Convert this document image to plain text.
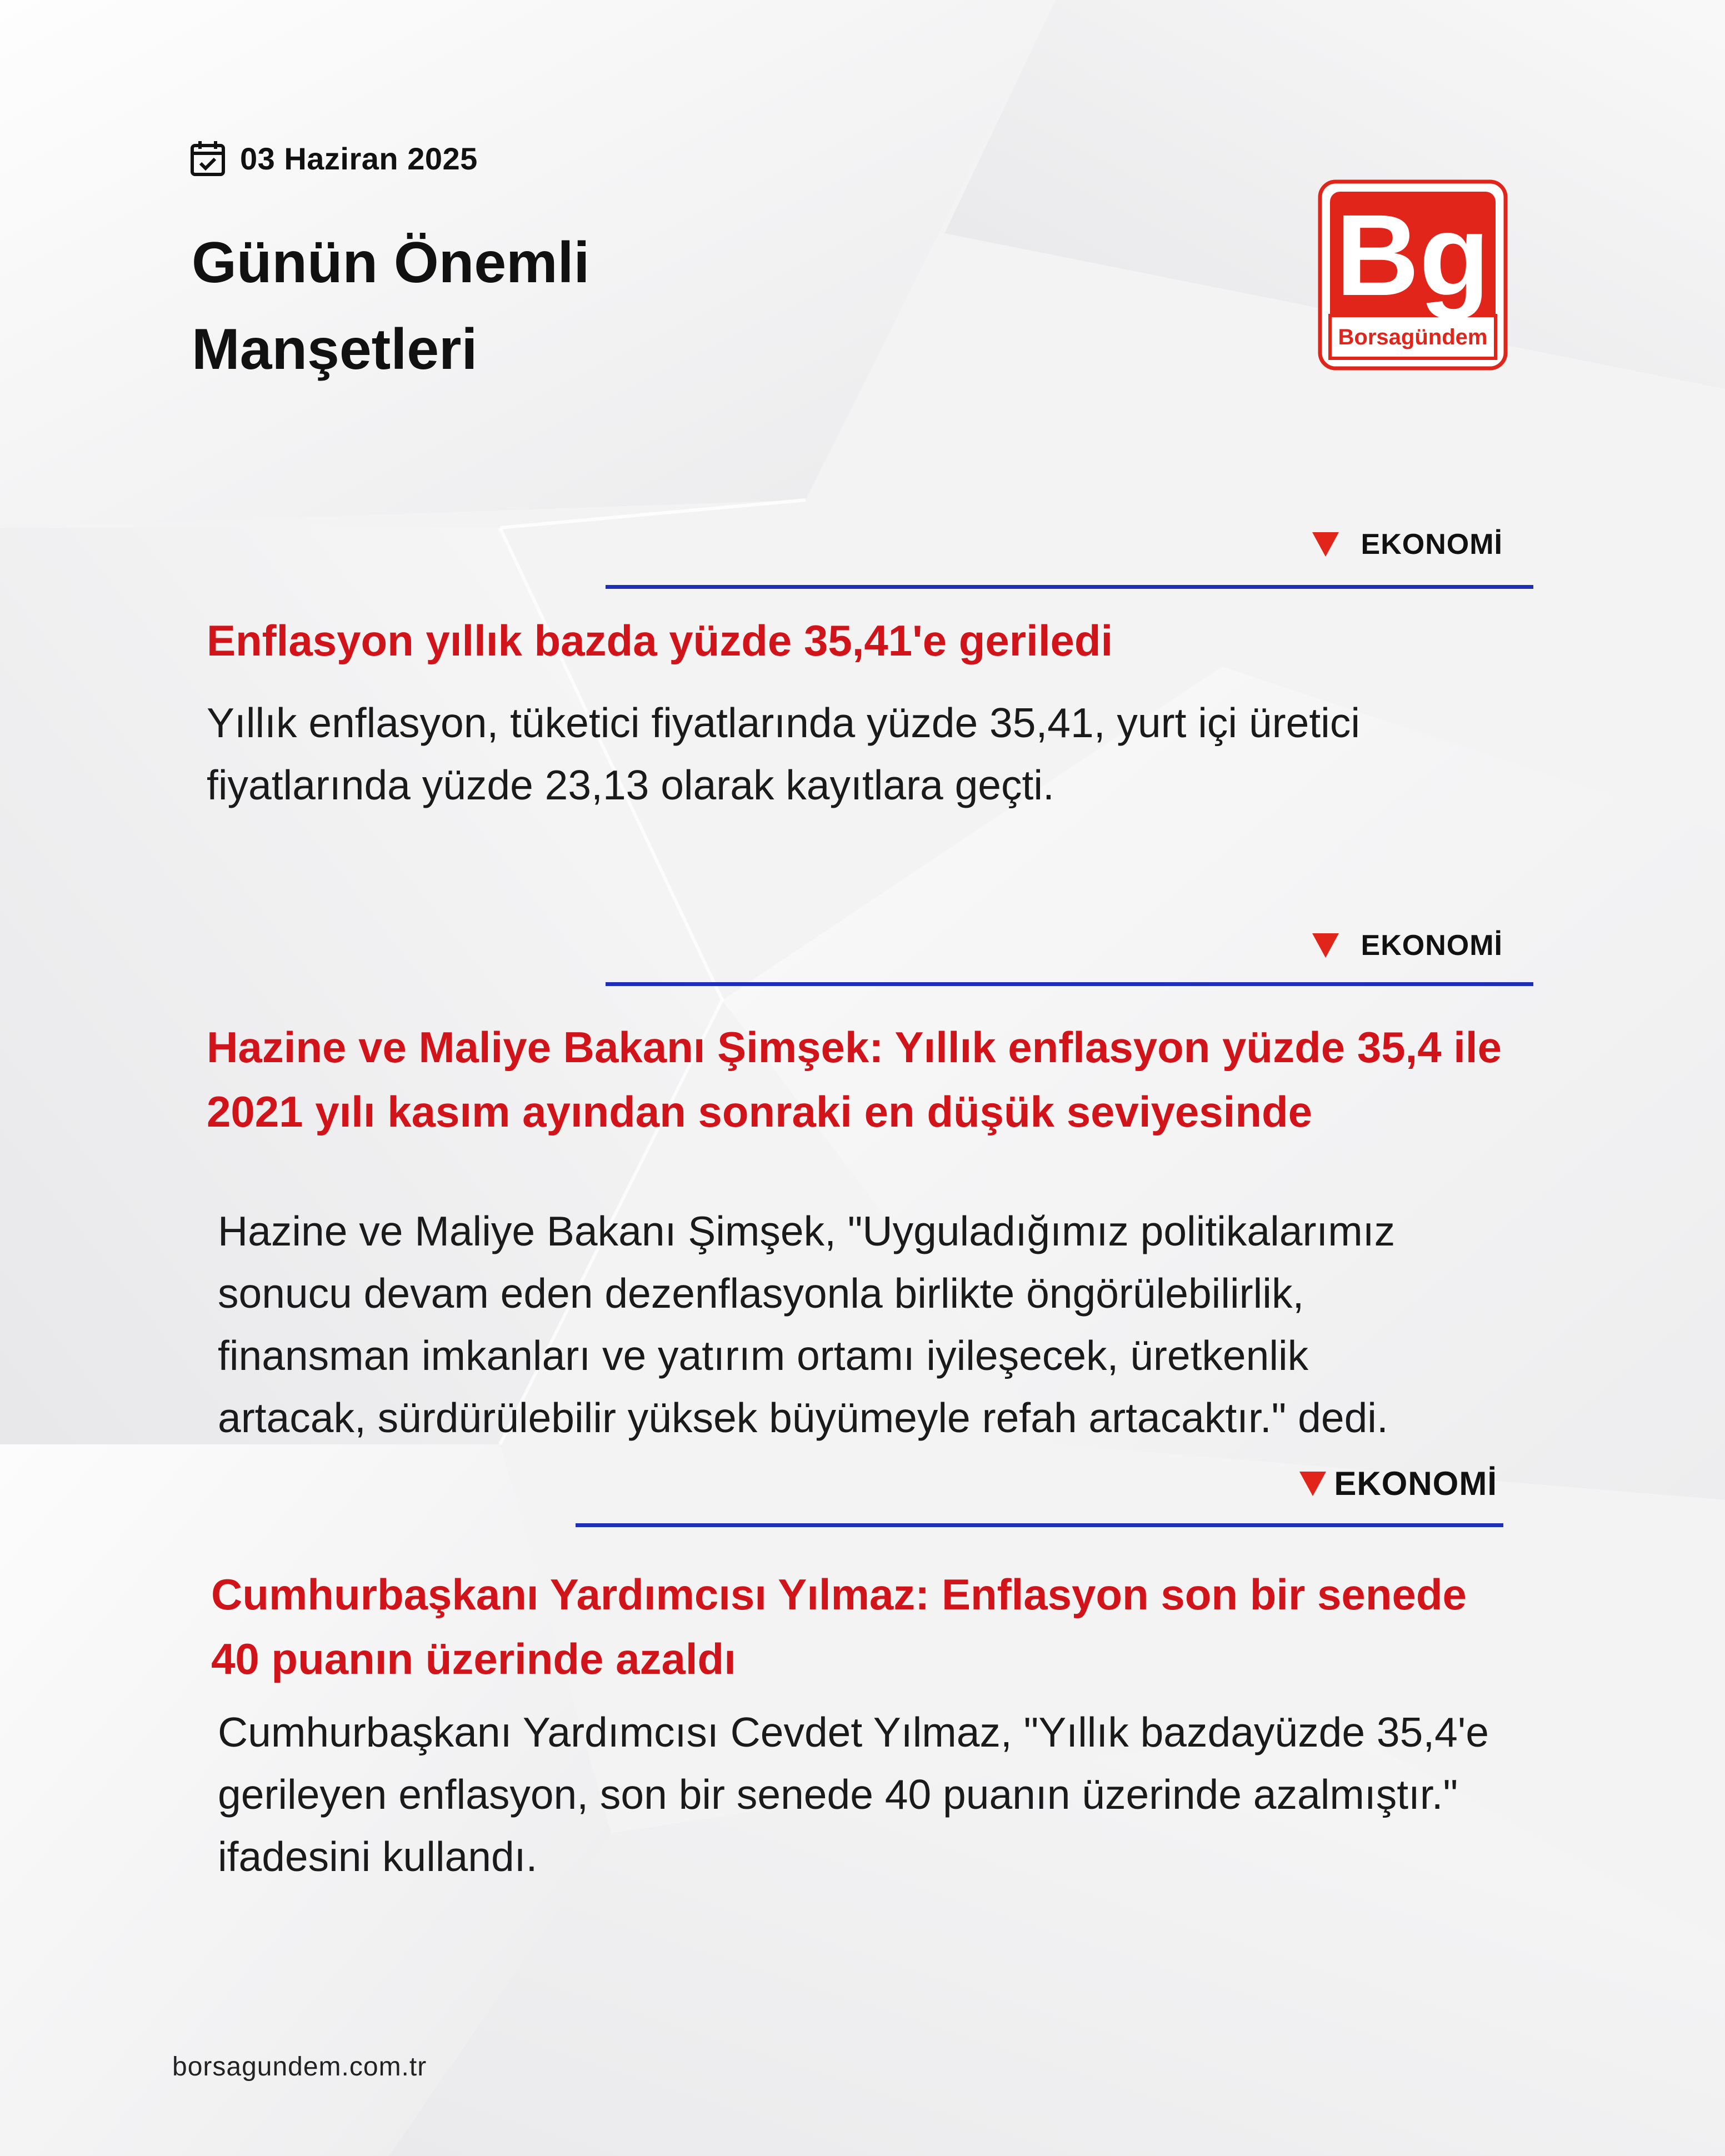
03 Haziran 2025
Günün Önemli Manşetleri
Bg
Borsagündem
EKONOMİ
Enflasyon yıllık bazda yüzde 35,41'e geriledi
Yıllık enflasyon, tüketici fiyatlarında yüzde 35,41, yurt içi üretici fiyatlarında yüzde 23,13 olarak kayıtlara geçti.
EKONOMİ
Hazine ve Maliye Bakanı Şimşek: Yıllık enflasyon yüzde 35,4 ile 2021 yılı kasım ayından sonraki en düşük seviyesinde
Hazine ve Maliye Bakanı Şimşek, "Uyguladığımız politikalarımız sonucu devam eden dezenflasyonla birlikte öngörülebilirlik, finansman imkanları ve yatırım ortamı iyileşecek, üretkenlik artacak, sürdürülebilir yüksek büyümeyle refah artacaktır." dedi.
EKONOMİ
Cumhurbaşkanı Yardımcısı Yılmaz: Enflasyon son bir senede 40 puanın üzerinde azaldı
Cumhurbaşkanı Yardımcısı Cevdet Yılmaz, "Yıllık bazdayüzde 35,4'e gerileyen enflasyon, son bir senede 40 puanın üzerinde azalmıştır." ifadesini kullandı.
borsagundem.com.tr
